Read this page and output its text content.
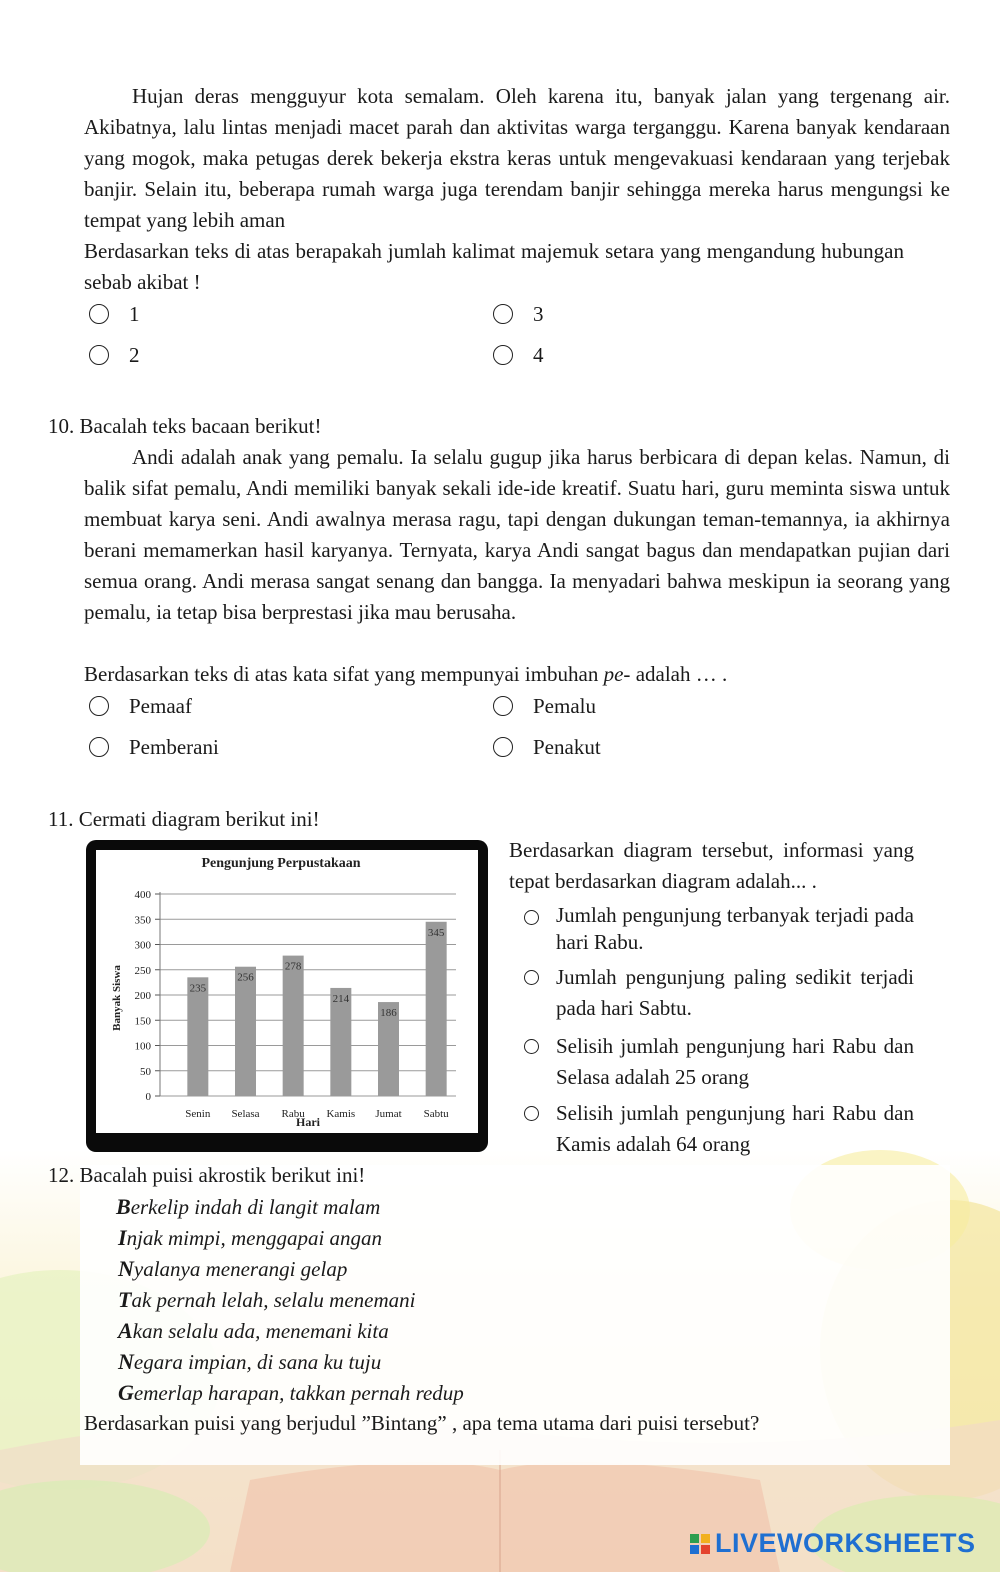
Hujan deras mengguyur kota semalam. Oleh karena itu, banyak jalan yang tergenang air. Akibatnya, lalu lintas menjadi macet parah dan aktivitas warga terganggu. Karena banyak kendaraan yang mogok, maka petugas derek bekerja ekstra keras untuk mengevakuasi kendaraan yang terjebak banjir. Selain itu, beberapa rumah warga juga terendam banjir sehingga mereka harus mengungsi ke tempat yang lebih aman

Berdasarkan teks di atas berapakah jumlah kalimat majemuk setara yang mengandung hubungan sebab akibat !

1	3
2	4

10. Bacalah teks bacaan berikut!

Andi adalah anak yang pemalu. Ia selalu gugup jika harus berbicara di depan kelas. Namun, di balik sifat pemalu, Andi memiliki banyak sekali ide-ide kreatif. Suatu hari, guru meminta siswa untuk membuat karya seni. Andi awalnya merasa ragu, tapi dengan dukungan teman-temannya, ia akhirnya berani memamerkan hasil karyanya. Ternyata, karya Andi sangat bagus dan mendapatkan pujian dari semua orang. Andi merasa sangat senang dan bangga. Ia menyadari bahwa meskipun ia seorang yang pemalu, ia tetap bisa berprestasi jika mau berusaha.

Berdasarkan teks di atas kata sifat yang mempunyai imbuhan pe- adalah … .

Pemaaf	Pemalu
Pemberani	Penakut

11. Cermati diagram berikut ini!

Pengunjung Perpustakaan
Banyak Siswa
Hari
0
50
100
150
200
250
300
350
400
235
256
278
214
186
345
Senin Selasa Rabu Kamis Jumat Sabtu

Berdasarkan diagram tersebut, informasi yang tepat berdasarkan diagram adalah... .

Jumlah pengunjung terbanyak terjadi pada hari Rabu.
Jumlah pengunjung paling sedikit terjadi pada hari Sabtu.
Selisih jumlah pengunjung hari Rabu dan Selasa adalah 25 orang
Selisih jumlah pengunjung hari Rabu dan Kamis adalah 64 orang

12. Bacalah puisi akrostik berikut ini!

Berkelip indah di langit malam
Injak mimpi, menggapai angan
Nyalanya menerangi gelap
Tak pernah lelah, selalu menemani
Akan selalu ada, menemani kita
Negara impian, di sana ku tuju
Gemerlap harapan, takkan pernah redup

Berdasarkan puisi yang berjudul ”Bintang” , apa tema utama dari puisi tersebut?

LIVEWORKSHEETS
